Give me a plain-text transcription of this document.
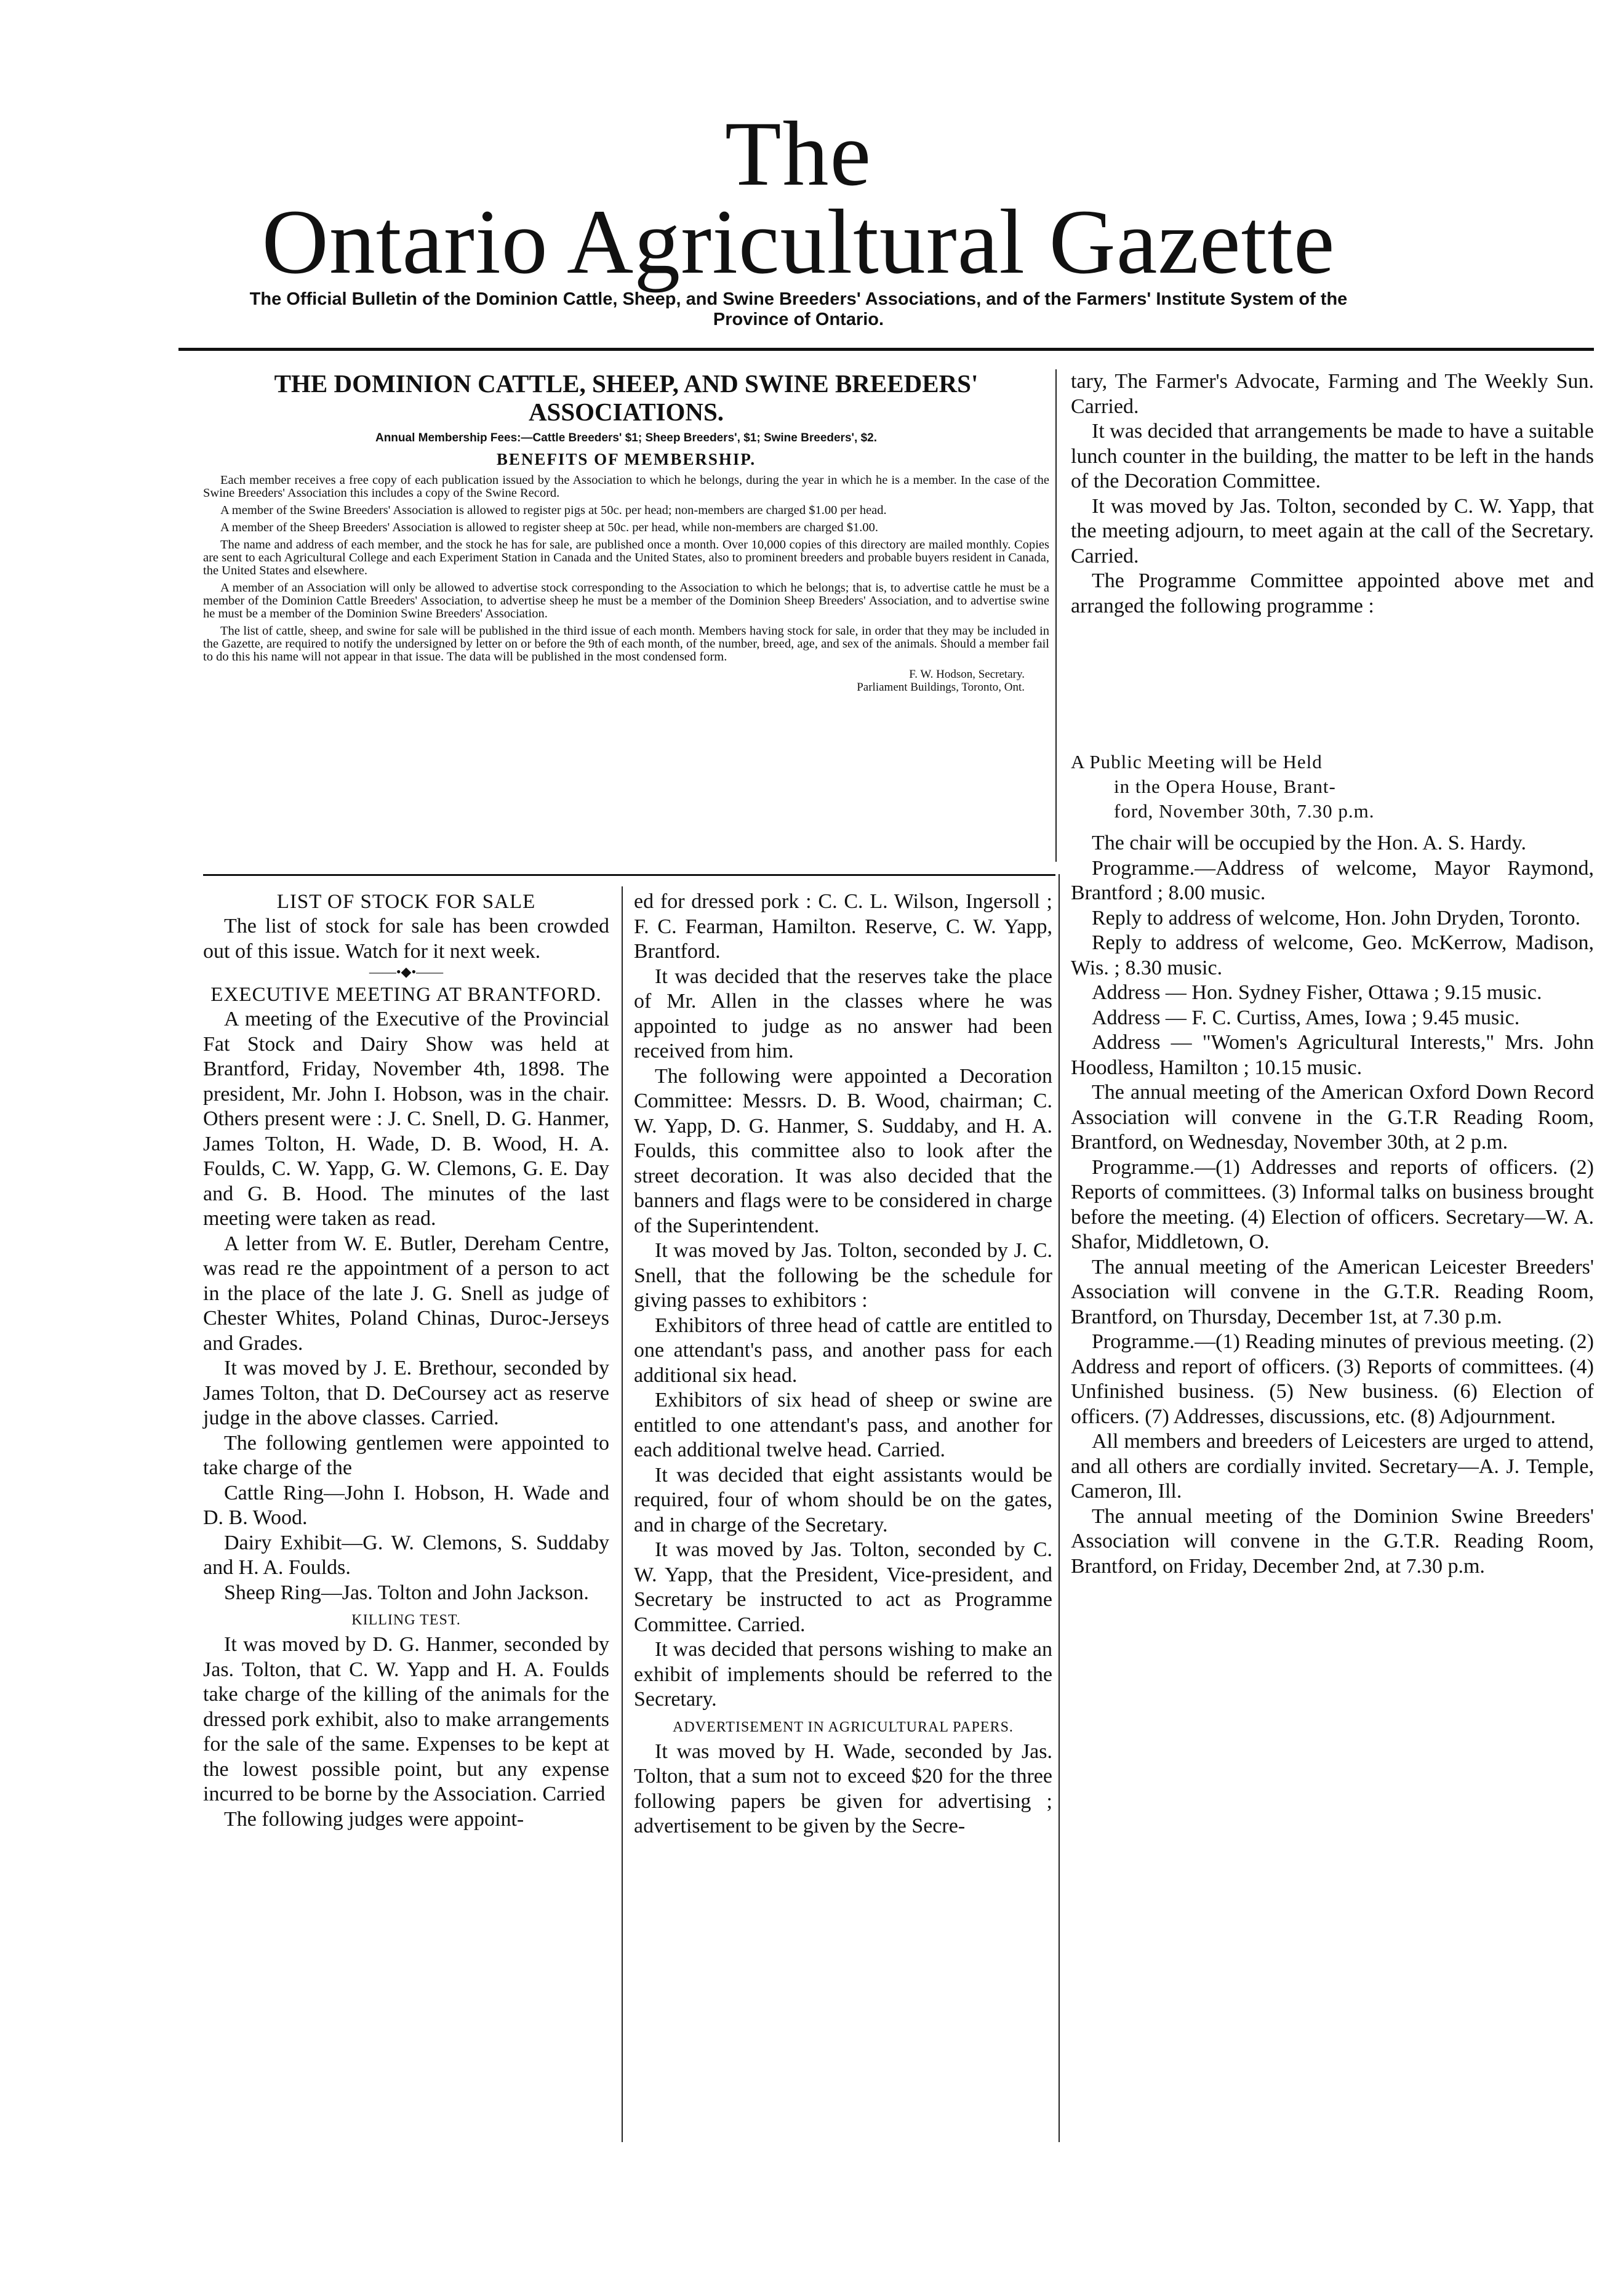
The
Ontario Agricultural Gazette
The Official Bulletin of the Dominion Cattle, Sheep, and Swine Breeders' Associations, and of the Farmers' Institute System of the Province of Ontario.
THE DOMINION CATTLE, SHEEP, AND SWINE BREEDERS' ASSOCIATIONS.
Annual Membership Fees:—Cattle Breeders' $1; Sheep Breeders', $1; Swine Breeders', $2.
BENEFITS OF MEMBERSHIP.

Each member receives a free copy of each publication issued by the Association to which he belongs, during the year in which he is a member. In the case of the Swine Breeders' Association this includes a copy of the Swine Record.

A member of the Swine Breeders' Association is allowed to register pigs at 50c. per head; non-members are charged $1.00 per head.

A member of the Sheep Breeders' Association is allowed to register sheep at 50c. per head, while non-members are charged $1.00.

The name and address of each member, and the stock he has for sale, are published once a month. Over 10,000 copies of this directory are mailed monthly. Copies are sent to each Agricultural College and each Experiment Station in Canada and the United States, also to prominent breeders and probable buyers resident in Canada, the United States and elsewhere.

A member of an Association will only be allowed to advertise stock corresponding to the Association to which he belongs; that is, to advertise cattle he must be a member of the Dominion Cattle Breeders' Association, to advertise sheep he must be a member of the Dominion Sheep Breeders' Association, and to advertise swine he must be a member of the Dominion Swine Breeders' Association.

The list of cattle, sheep, and swine for sale will be published in the third issue of each month. Members having stock for sale, in order that they may be included in the Gazette, are required to notify the undersigned by letter on or before the 9th of each month, of the number, breed, age, and sex of the animals. Should a member fail to do this his name will not appear in that issue. The data will be published in the most condensed form.

F. W. Hodson, Secretary.
Parliament Buildings, Toronto, Ont.

tary, The Farmer's Advocate, Farming and The Weekly Sun. Carried.

It was decided that arrangements be made to have a suitable lunch counter in the building, the matter to be left in the hands of the Decoration Committee.

It was moved by Jas. Tolton, seconded by C. W. Yapp, that the meeting adjourn, to meet again at the call of the Secretary. Carried.

The Programme Committee appointed above met and arranged the following programme :

LIST OF STOCK FOR SALE

The list of stock for sale has been crowded out of this issue. Watch for it next week.

——•◆•——
EXECUTIVE MEETING AT BRANTFORD.

A meeting of the Executive of the Provincial Fat Stock and Dairy Show was held at Brantford, Friday, November 4th, 1898. The president, Mr. John I. Hobson, was in the chair. Others present were : J. C. Snell, D. G. Hanmer, James Tolton, H. Wade, D. B. Wood, H. A. Foulds, C. W. Yapp, G. W. Clemons, G. E. Day and G. B. Hood. The minutes of the last meeting were taken as read.

A letter from W. E. Butler, Dereham Centre, was read re the appointment of a person to act in the place of the late J. G. Snell as judge of Chester Whites, Poland Chinas, Duroc-Jerseys and Grades.

It was moved by J. E. Brethour, seconded by James Tolton, that D. DeCoursey act as reserve judge in the above classes. Carried.

The following gentlemen were appointed to take charge of the

Cattle Ring—John I. Hobson, H. Wade and D. B. Wood.

Dairy Exhibit—G. W. Clemons, S. Suddaby and H. A. Foulds.

Sheep Ring—Jas. Tolton and John Jackson.

KILLING TEST.

It was moved by D. G. Hanmer, seconded by Jas. Tolton, that C. W. Yapp and H. A. Foulds take charge of the killing of the animals for the dressed pork exhibit, also to make arrangements for the sale of the same. Expenses to be kept at the lowest possible point, but any expense incurred to be borne by the Association. Carried

The following judges were appoint-

ed for dressed pork : C. C. L. Wilson, Ingersoll ; F. C. Fearman, Hamilton. Reserve, C. W. Yapp, Brantford.

It was decided that the reserves take the place of Mr. Allen in the classes where he was appointed to judge as no answer had been received from him.

The following were appointed a Decoration Committee: Messrs. D. B. Wood, chairman; C. W. Yapp, D. G. Hanmer, S. Suddaby, and H. A. Foulds, this committee also to look after the street decoration. It was also decided that the banners and flags were to be considered in charge of the Superintendent.

It was moved by Jas. Tolton, seconded by J. C. Snell, that the following be the schedule for giving passes to exhibitors :

Exhibitors of three head of cattle are entitled to one attendant's pass, and another pass for each additional six head.

Exhibitors of six head of sheep or swine are entitled to one attendant's pass, and another for each additional twelve head. Carried.

It was decided that eight assistants would be required, four of whom should be on the gates, and in charge of the Secretary.

It was moved by Jas. Tolton, seconded by C. W. Yapp, that the President, Vice-president, and Secretary be instructed to act as Programme Committee. Carried.

It was decided that persons wishing to make an exhibit of implements should be referred to the Secretary.

ADVERTISEMENT IN AGRICULTURAL PAPERS.

It was moved by H. Wade, seconded by Jas. Tolton, that a sum not to exceed $20 for the three following papers be given for advertising ; advertisement to be given by the Secre-

A Public Meeting will be Held
in the Opera House, Brant-
ford, November 30th, 7.30 p.m.

The chair will be occupied by the Hon. A. S. Hardy.

Programme.—Address of welcome, Mayor Raymond, Brantford ; 8.00 music.

Reply to address of welcome, Hon. John Dryden, Toronto.

Reply to address of welcome, Geo. McKerrow, Madison, Wis. ; 8.30 music.

Address — Hon. Sydney Fisher, Ottawa ; 9.15 music.

Address — F. C. Curtiss, Ames, Iowa ; 9.45 music.

Address — "Women's Agricultural Interests," Mrs. John Hoodless, Hamilton ; 10.15 music.

The annual meeting of the American Oxford Down Record Association will convene in the G.T.R Reading Room, Brantford, on Wednesday, November 30th, at 2 p.m.

Programme.—(1) Addresses and reports of officers. (2) Reports of committees. (3) Informal talks on business brought before the meeting. (4) Election of officers. Secretary—W. A. Shafor, Middletown, O.

The annual meeting of the American Leicester Breeders' Association will convene in the G.T.R. Reading Room, Brantford, on Thursday, December 1st, at 7.30 p.m.

Programme.—(1) Reading minutes of previous meeting. (2) Address and report of officers. (3) Reports of committees. (4) Unfinished business. (5) New business. (6) Election of officers. (7) Addresses, discussions, etc. (8) Adjournment.

All members and breeders of Leicesters are urged to attend, and all others are cordially invited. Secretary—A. J. Temple, Cameron, Ill.

The annual meeting of the Dominion Swine Breeders' Association will convene in the G.T.R. Reading Room, Brantford, on Friday, December 2nd, at 7.30 p.m.
